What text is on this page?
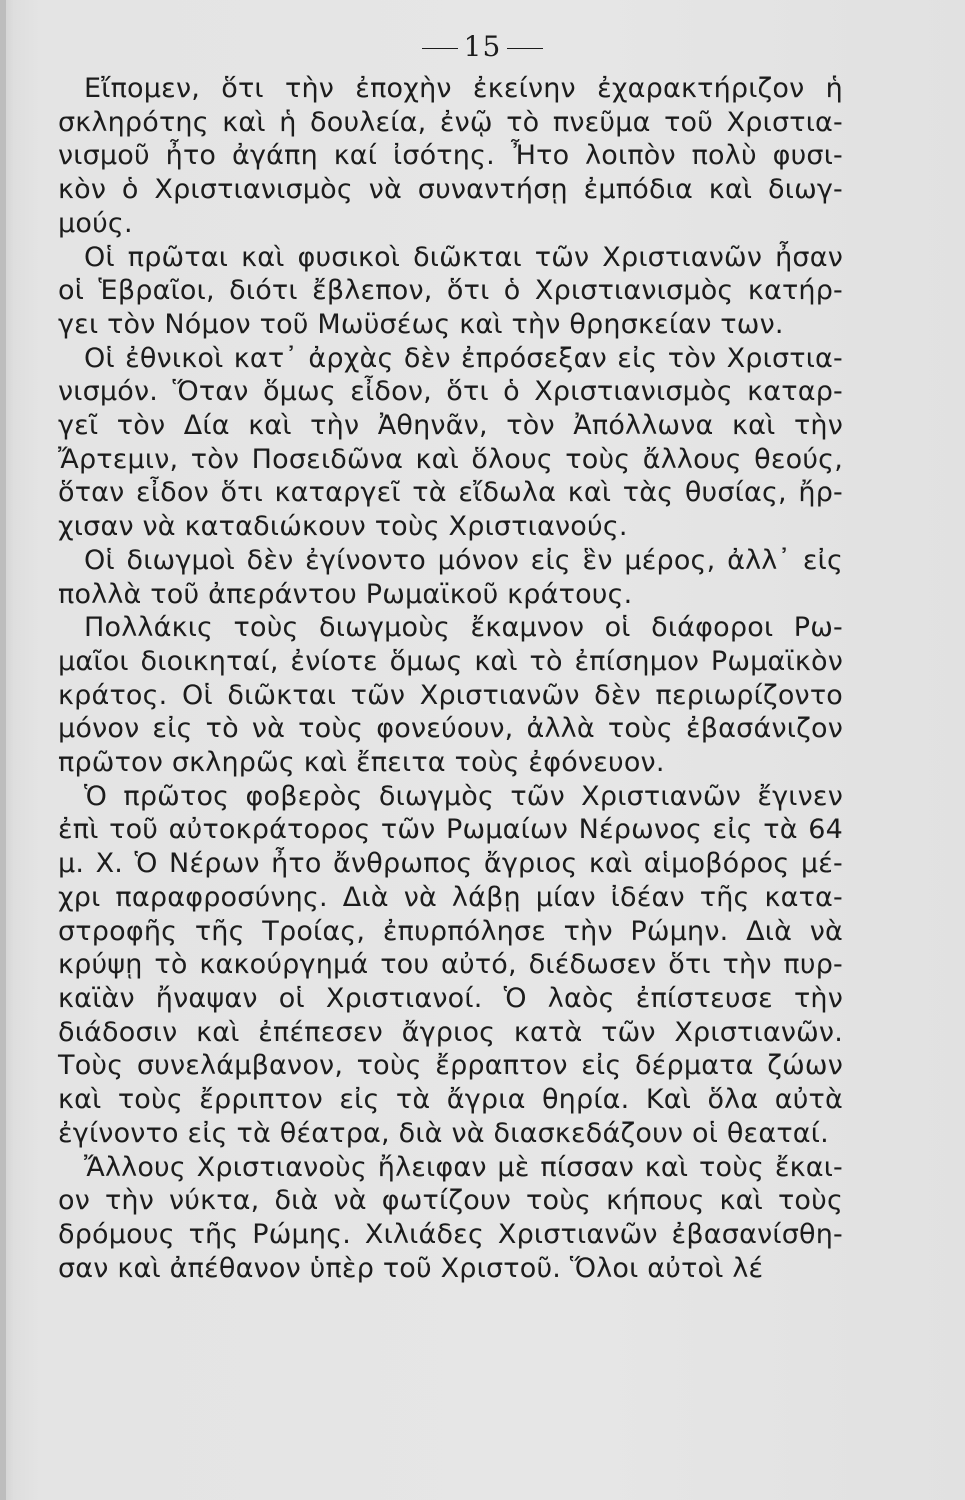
15
Εἴπομεν, ὅτι τὴν ἐποχὴν ἐκείνην ἐχαρακτήριζον ἡ
σκληρότης καὶ ἡ δουλεία, ἐνῷ τὸ πνεῦμα τοῦ Χριστια-
νισμοῦ ἦτο ἀγάπη καί ἰσότης. Ἦτο λοιπὸν πολὺ φυσι-
κὸν ὁ Χριστιανισμὸς νὰ συναντήσῃ ἐμπόδια καὶ διωγ-
μούς.
Οἱ πρῶται καὶ φυσικοὶ διῶκται τῶν Χριστιανῶν ἦσαν
οἱ Ἑβραῖοι, διότι ἔβλεπον, ὅτι ὁ Χριστιανισμὸς κατήρ-
γει τὸν Νόμον τοῦ Μωϋσέως καὶ τὴν θρησκείαν των.
Οἱ ἐθνικοὶ κατ᾽ ἀρχὰς δὲν ἐπρόσεξαν εἰς τὸν Χριστια-
νισμόν. Ὅταν ὅμως εἶδον, ὅτι ὁ Χριστιανισμὸς καταρ-
γεῖ τὸν Δία καὶ τὴν Ἀθηνᾶν, τὸν Ἀπόλλωνα καὶ τὴν
Ἄρτεμιν, τὸν Ποσειδῶνα καὶ ὅλους τοὺς ἄλλους θεούς,
ὅταν εἶδον ὅτι καταργεῖ τὰ εἴδωλα καὶ τὰς θυσίας, ἤρ-
χισαν νὰ καταδιώκουν τοὺς Χριστιανούς.
Οἱ διωγμοὶ δὲν ἐγίνοντο μόνον εἰς ἓν μέρος, ἀλλ᾽ εἰς
πολλὰ τοῦ ἀπεράντου Ρωμαϊκοῦ κράτους.
Πολλάκις τοὺς διωγμοὺς ἔκαμνον οἱ διάφοροι Ρω-
μαῖοι διοικηταί, ἐνίοτε ὅμως καὶ τὸ ἐπίσημον Ρωμαϊκὸν
κράτος. Οἱ διῶκται τῶν Χριστιανῶν δὲν περιωρίζοντο
μόνον εἰς τὸ νὰ τοὺς φονεύουν, ἀλλὰ τοὺς ἐβασάνιζον
πρῶτον σκληρῶς καὶ ἔπειτα τοὺς ἐφόνευον.
Ὁ πρῶτος φοβερὸς διωγμὸς τῶν Χριστιανῶν ἔγινεν
ἐπὶ τοῦ αὐτοκράτορος τῶν Ρωμαίων Νέρωνος εἰς τὰ 64
μ. Χ. Ὁ Νέρων ἦτο ἄνθρωπος ἄγριος καὶ αἱμοβόρος μέ-
χρι παραφροσύνης. Διὰ νὰ λάβῃ μίαν ἰδέαν τῆς κατα-
στροφῆς τῆς Τροίας, ἐπυρπόλησε τὴν Ρώμην. Διὰ νὰ
κρύψῃ τὸ κακούργημά του αὐτό, διέδωσεν ὅτι τὴν πυρ-
καϊὰν ἤναψαν οἱ Χριστιανοί. Ὁ λαὸς ἐπίστευσε τὴν
διάδοσιν καὶ ἐπέπεσεν ἄγριος κατὰ τῶν Χριστιανῶν.
Τοὺς συνελάμβανον, τοὺς ἔρραπτον εἰς δέρματα ζώων
καὶ τοὺς ἔρριπτον εἰς τὰ ἄγρια θηρία. Καὶ ὅλα αὐτὰ
ἐγίνοντο εἰς τὰ θέατρα, διὰ νὰ διασκεδάζουν οἱ θεαταί.
Ἄλλους Χριστιανοὺς ἤλειφαν μὲ πίσσαν καὶ τοὺς ἔκαι-
ον τὴν νύκτα, διὰ νὰ φωτίζουν τοὺς κήπους καὶ τοὺς
δρόμους τῆς Ρώμης. Χιλιάδες Χριστιανῶν ἐβασανίσθη-
σαν καὶ ἀπέθανον ὑπὲρ τοῦ Χριστοῦ. Ὅλοι αὐτοὶ λέ
